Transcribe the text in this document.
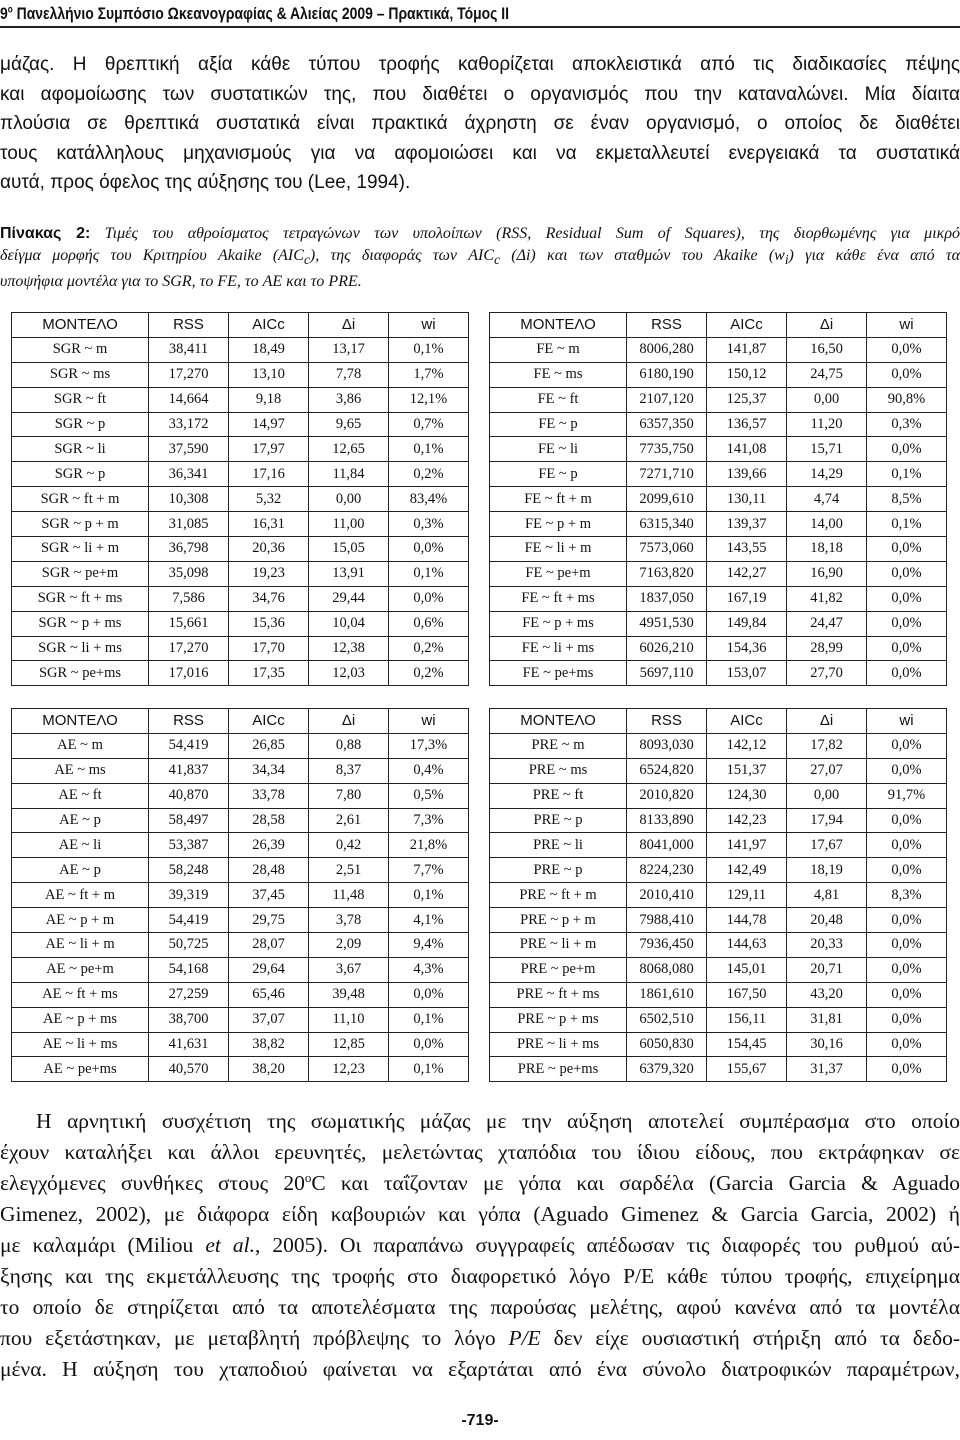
$9^o$ Πανελλήνιο Συμπόσιο Ωκεανογραφίας & Αλιείας 2009 – Πρακτικά, Τόμος ΙΙ
μάζας. Η θρεπτική αξία κάθε τύπου τροφής καθορίζεται αποκλειστικά από τις διαδικασίες πέψης
και αφομοίωσης των συστατικών της, που διαθέτει ο οργανισμός που την καταναλώνει. Μία δίαιτα
πλούσια σε θρεπτικά συστατικά είναι πρακτικά άχρηστη σε έναν οργανισμό, ο οποίος δε διαθέτει
τους κατάλληλους μηχανισμούς για να αφομοιώσει και να εκμεταλλευτεί ενεργειακά τα συστατικά
αυτά, προς όφελος της αύξησης του (Lee, 1994).
Πίνακας 2: Τιμές του αθροίσματος τετραγώνων των υπολοίπων (RSS, Residual Sum of Squares), της διορθωμένης για μικρό
δείγμα μορφής του Κριτηρίου Akaike $(AIC_c)$, της διαφοράς των $AIC_c$ (Δi) και των σταθμών του Akaike $(w_i)$ για κάθε ένα από τα
υποψήφια μοντέλα για το SGR, το FE, το AE και το PRE.
ΜΟΝΤΕΛΟ	RSS	AICc	Δi	wi
SGR ~ m	38,411	18,49	13,17	0,1%
SGR ~ ms	17,270	13,10	7,78	1,7%
SGR ~ ft	14,664	9,18	3,86	12,1%
SGR ~ p	33,172	14,97	9,65	0,7%
SGR ~ li	37,590	17,97	12,65	0,1%
SGR ~ p	36,341	17,16	11,84	0,2%
SGR ~ ft + m	10,308	5,32	0,00	83,4%
SGR ~ p + m	31,085	16,31	11,00	0,3%
SGR ~ li + m	36,798	20,36	15,05	0,0%
SGR ~ pe+m	35,098	19,23	13,91	0,1%
SGR ~ ft + ms	7,586	34,76	29,44	0,0%
SGR ~ p + ms	15,661	15,36	10,04	0,6%
SGR ~ li + ms	17,270	17,70	12,38	0,2%
SGR ~ pe+ms	17,016	17,35	12,03	0,2%
ΜΟΝΤΕΛΟ	RSS	AICc	Δi	wi
FE ~ m	8006,280	141,87	16,50	0,0%
FE ~ ms	6180,190	150,12	24,75	0,0%
FE ~ ft	2107,120	125,37	0,00	90,8%
FE ~ p	6357,350	136,57	11,20	0,3%
FE ~ li	7735,750	141,08	15,71	0,0%
FE ~ p	7271,710	139,66	14,29	0,1%
FE ~ ft + m	2099,610	130,11	4,74	8,5%
FE ~ p + m	6315,340	139,37	14,00	0,1%
FE ~ li + m	7573,060	143,55	18,18	0,0%
FE ~ pe+m	7163,820	142,27	16,90	0,0%
FE ~ ft + ms	1837,050	167,19	41,82	0,0%
FE ~ p + ms	4951,530	149,84	24,47	0,0%
FE ~ li + ms	6026,210	154,36	28,99	0,0%
FE ~ pe+ms	5697,110	153,07	27,70	0,0%
ΜΟΝΤΕΛΟ	RSS	AICc	Δi	wi
AE ~ m	54,419	26,85	0,88	17,3%
AE ~ ms	41,837	34,34	8,37	0,4%
AE ~ ft	40,870	33,78	7,80	0,5%
AE ~ p	58,497	28,58	2,61	7,3%
AE ~ li	53,387	26,39	0,42	21,8%
AE ~ p	58,248	28,48	2,51	7,7%
AE ~ ft + m	39,319	37,45	11,48	0,1%
AE ~ p + m	54,419	29,75	3,78	4,1%
AE ~ li + m	50,725	28,07	2,09	9,4%
AE ~ pe+m	54,168	29,64	3,67	4,3%
AE ~ ft + ms	27,259	65,46	39,48	0,0%
AE ~ p + ms	38,700	37,07	11,10	0,1%
AE ~ li + ms	41,631	38,82	12,85	0,0%
AE ~ pe+ms	40,570	38,20	12,23	0,1%
ΜΟΝΤΕΛΟ	RSS	AICc	Δi	wi
PRE ~ m	8093,030	142,12	17,82	0,0%
PRE ~ ms	6524,820	151,37	27,07	0,0%
PRE ~ ft	2010,820	124,30	0,00	91,7%
PRE ~ p	8133,890	142,23	17,94	0,0%
PRE ~ li	8041,000	141,97	17,67	0,0%
PRE ~ p	8224,230	142,49	18,19	0,0%
PRE ~ ft + m	2010,410	129,11	4,81	8,3%
PRE ~ p + m	7988,410	144,78	20,48	0,0%
PRE ~ li + m	7936,450	144,63	20,33	0,0%
PRE ~ pe+m	8068,080	145,01	20,71	0,0%
PRE ~ ft + ms	1861,610	167,50	43,20	0,0%
PRE ~ p + ms	6502,510	156,11	31,81	0,0%
PRE ~ li + ms	6050,830	154,45	30,16	0,0%
PRE ~ pe+ms	6379,320	155,67	31,37	0,0%
Η αρνητική συσχέτιση της σωματικής μάζας με την αύξηση αποτελεί συμπέρασμα στο οποίο
έχουν καταλήξει και άλλοι ερευνητές, μελετώντας χταπόδια του ίδιου είδους, που εκτράφηκαν σε
ελεγχόμενες συνθήκες στους $20^oC$ και ταΐζονταν με γόπα και σαρδέλα (Garcia Garcia & Aguado
Gimenez, 2002), με διάφορα είδη καβουριών και γόπα (Aguado Gimenez & Garcia Garcia, 2002) ή
με καλαμάρι (Miliou et al., 2005). Οι παραπάνω συγγραφείς απέδωσαν τις διαφορές του ρυθμού αύ-
ξησης και της εκμετάλλευσης της τροφής στο διαφορετικό λόγο P/E κάθε τύπου τροφής, επιχείρημα
το οποίο δε στηρίζεται από τα αποτελέσματα της παρούσας μελέτης, αφού κανένα από τα μοντέλα
που εξετάστηκαν, με μεταβλητή πρόβλεψης το λόγο P/E δεν είχε ουσιαστική στήριξη από τα δεδο-
μένα. Η αύξηση του χταποδιού φαίνεται να εξαρτάται από ένα σύνολο διατροφικών παραμέτρων,
-719-
